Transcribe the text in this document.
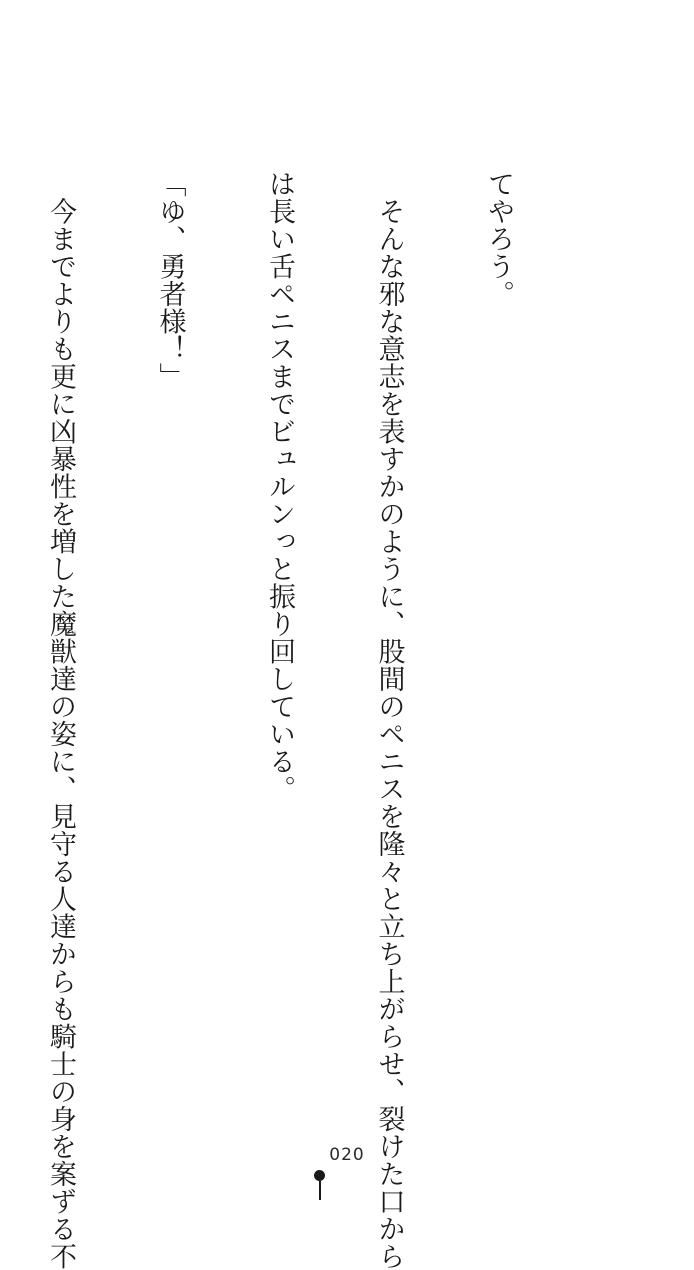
てやろう。

　そんな邪な意志を表すかのように、股間のペニスを隆々と立ち上がらせ、裂けた口から

は長い舌ペニスまでビュルンっと振り回している。

「ゆ、勇者様！」

　今までよりも更に凶暴性を増した魔獣達の姿に、見守る人達からも騎士の身を案ずる不

	020
